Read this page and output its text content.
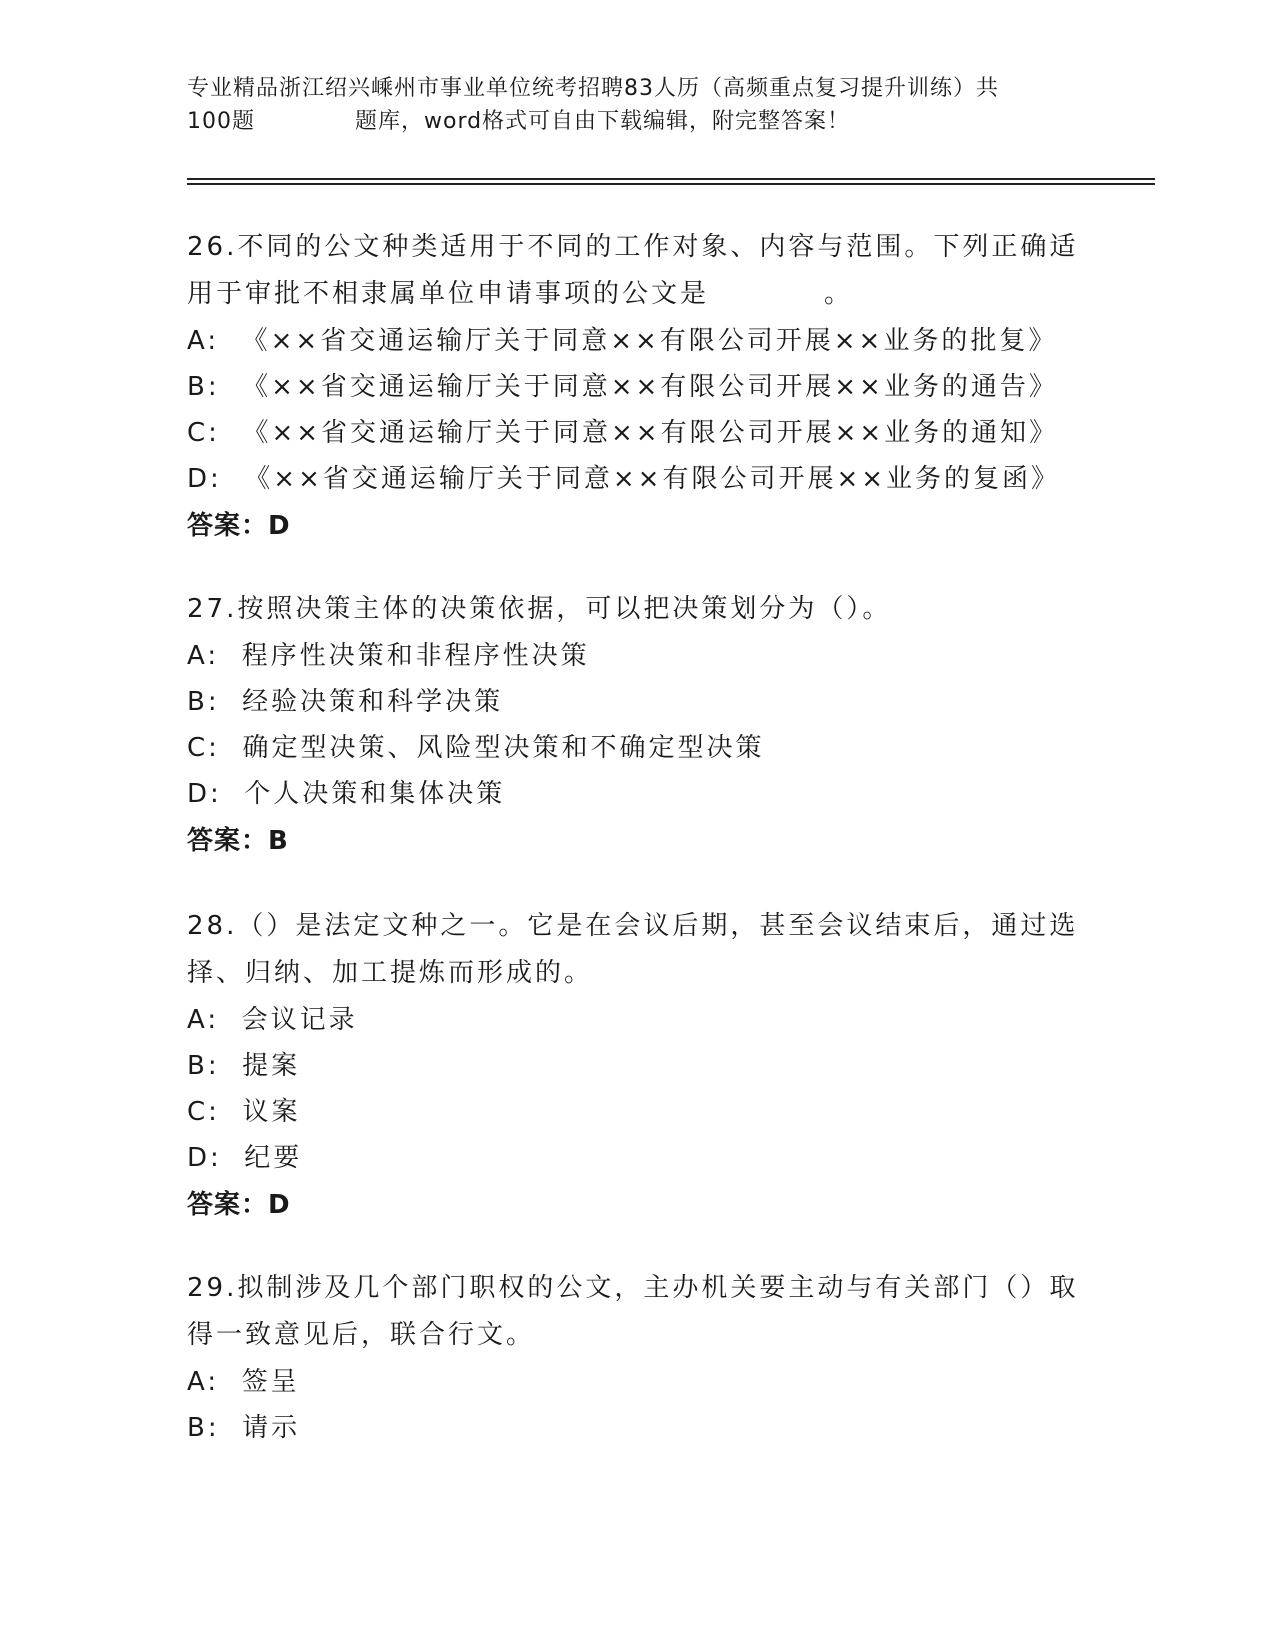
专业精品浙江绍兴嵊州市事业单位统考招聘83人历（高频重点复习提升训练）共
100题　　　　 题库，word格式可自由下载编辑，附完整答案！

26.不同的公文种类适用于不同的工作对象、内容与范围。下列正确适

用于审批不相隶属单位申请事项的公文是	。

A:  《××省交通运输厅关于同意××有限公司开展××业务的批复》

B:  《××省交通运输厅关于同意××有限公司开展××业务的通告》

C:  《××省交通运输厅关于同意××有限公司开展××业务的通知》

D:  《××省交通运输厅关于同意××有限公司开展××业务的复函》

答案：D

27.按照决策主体的决策依据，可以把决策划分为（）。

A:  程序性决策和非程序性决策

B:  经验决策和科学决策

C:  确定型决策、风险型决策和不确定型决策

D:  个人决策和集体决策

答案：B

28.（）是法定文种之一。它是在会议后期，甚至会议结束后，通过选

择、归纳、加工提炼而形成的。

A:  会议记录

B:  提案

C:  议案

D:  纪要

答案：D

29.拟制涉及几个部门职权的公文，主办机关要主动与有关部门（）取

得一致意见后，联合行文。

A:  签呈

B:  请示
